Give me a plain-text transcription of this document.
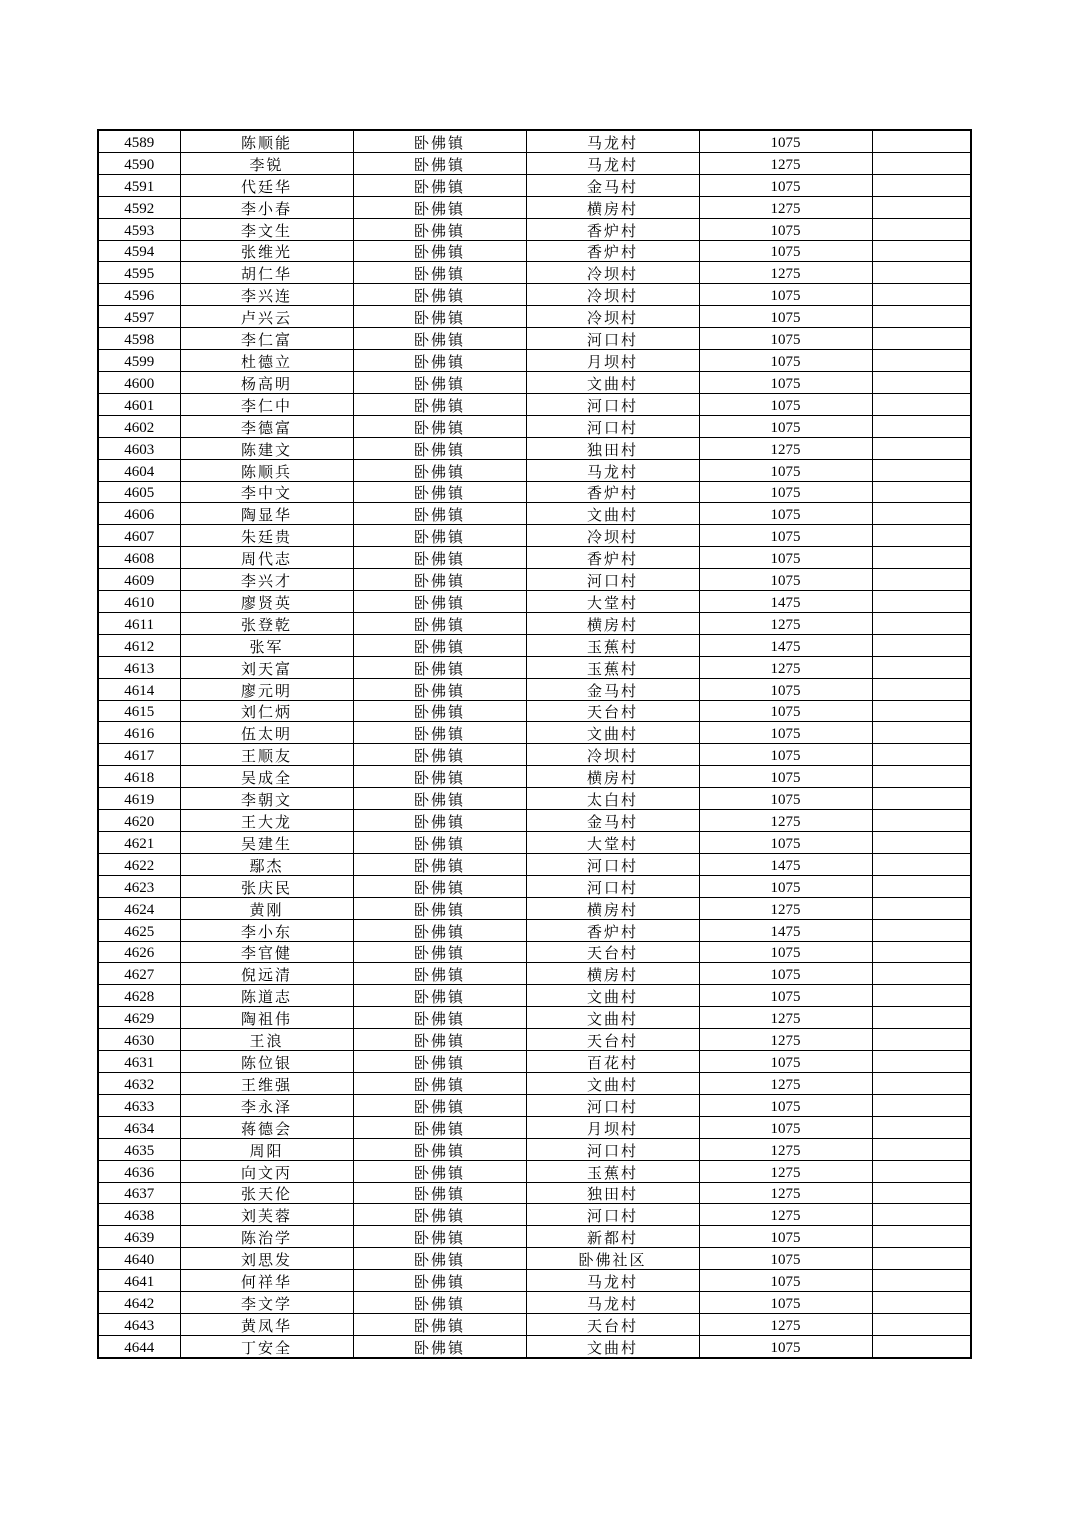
4589	陈顺能	卧佛镇	马龙村	1075	
4590	李锐	卧佛镇	马龙村	1275	
4591	代廷华	卧佛镇	金马村	1075	
4592	李小春	卧佛镇	横房村	1275	
4593	李文生	卧佛镇	香炉村	1075	
4594	张维光	卧佛镇	香炉村	1075	
4595	胡仁华	卧佛镇	冷坝村	1275	
4596	李兴连	卧佛镇	冷坝村	1075	
4597	卢兴云	卧佛镇	冷坝村	1075	
4598	李仁富	卧佛镇	河口村	1075	
4599	杜德立	卧佛镇	月坝村	1075	
4600	杨高明	卧佛镇	文曲村	1075	
4601	李仁中	卧佛镇	河口村	1075	
4602	李德富	卧佛镇	河口村	1075	
4603	陈建文	卧佛镇	独田村	1275	
4604	陈顺兵	卧佛镇	马龙村	1075	
4605	李中文	卧佛镇	香炉村	1075	
4606	陶显华	卧佛镇	文曲村	1075	
4607	朱廷贵	卧佛镇	冷坝村	1075	
4608	周代志	卧佛镇	香炉村	1075	
4609	李兴才	卧佛镇	河口村	1075	
4610	廖贤英	卧佛镇	大堂村	1475	
4611	张登乾	卧佛镇	横房村	1275	
4612	张军	卧佛镇	玉蕉村	1475	
4613	刘天富	卧佛镇	玉蕉村	1275	
4614	廖元明	卧佛镇	金马村	1075	
4615	刘仁炳	卧佛镇	天台村	1075	
4616	伍太明	卧佛镇	文曲村	1075	
4617	王顺友	卧佛镇	冷坝村	1075	
4618	吴成全	卧佛镇	横房村	1075	
4619	李朝文	卧佛镇	太白村	1075	
4620	王大龙	卧佛镇	金马村	1275	
4621	吴建生	卧佛镇	大堂村	1075	
4622	鄢杰	卧佛镇	河口村	1475	
4623	张庆民	卧佛镇	河口村	1075	
4624	黄刚	卧佛镇	横房村	1275	
4625	李小东	卧佛镇	香炉村	1475	
4626	李官健	卧佛镇	天台村	1075	
4627	倪远清	卧佛镇	横房村	1075	
4628	陈道志	卧佛镇	文曲村	1075	
4629	陶祖伟	卧佛镇	文曲村	1275	
4630	王浪	卧佛镇	天台村	1275	
4631	陈位银	卧佛镇	百花村	1075	
4632	王维强	卧佛镇	文曲村	1275	
4633	李永泽	卧佛镇	河口村	1075	
4634	蒋德会	卧佛镇	月坝村	1075	
4635	周阳	卧佛镇	河口村	1275	
4636	向文丙	卧佛镇	玉蕉村	1275	
4637	张天伦	卧佛镇	独田村	1275	
4638	刘芙蓉	卧佛镇	河口村	1275	
4639	陈治学	卧佛镇	新都村	1075	
4640	刘思发	卧佛镇	卧佛社区	1075	
4641	何祥华	卧佛镇	马龙村	1075	
4642	李文学	卧佛镇	马龙村	1075	
4643	黄凤华	卧佛镇	天台村	1275	
4644	丁安全	卧佛镇	文曲村	1075	
